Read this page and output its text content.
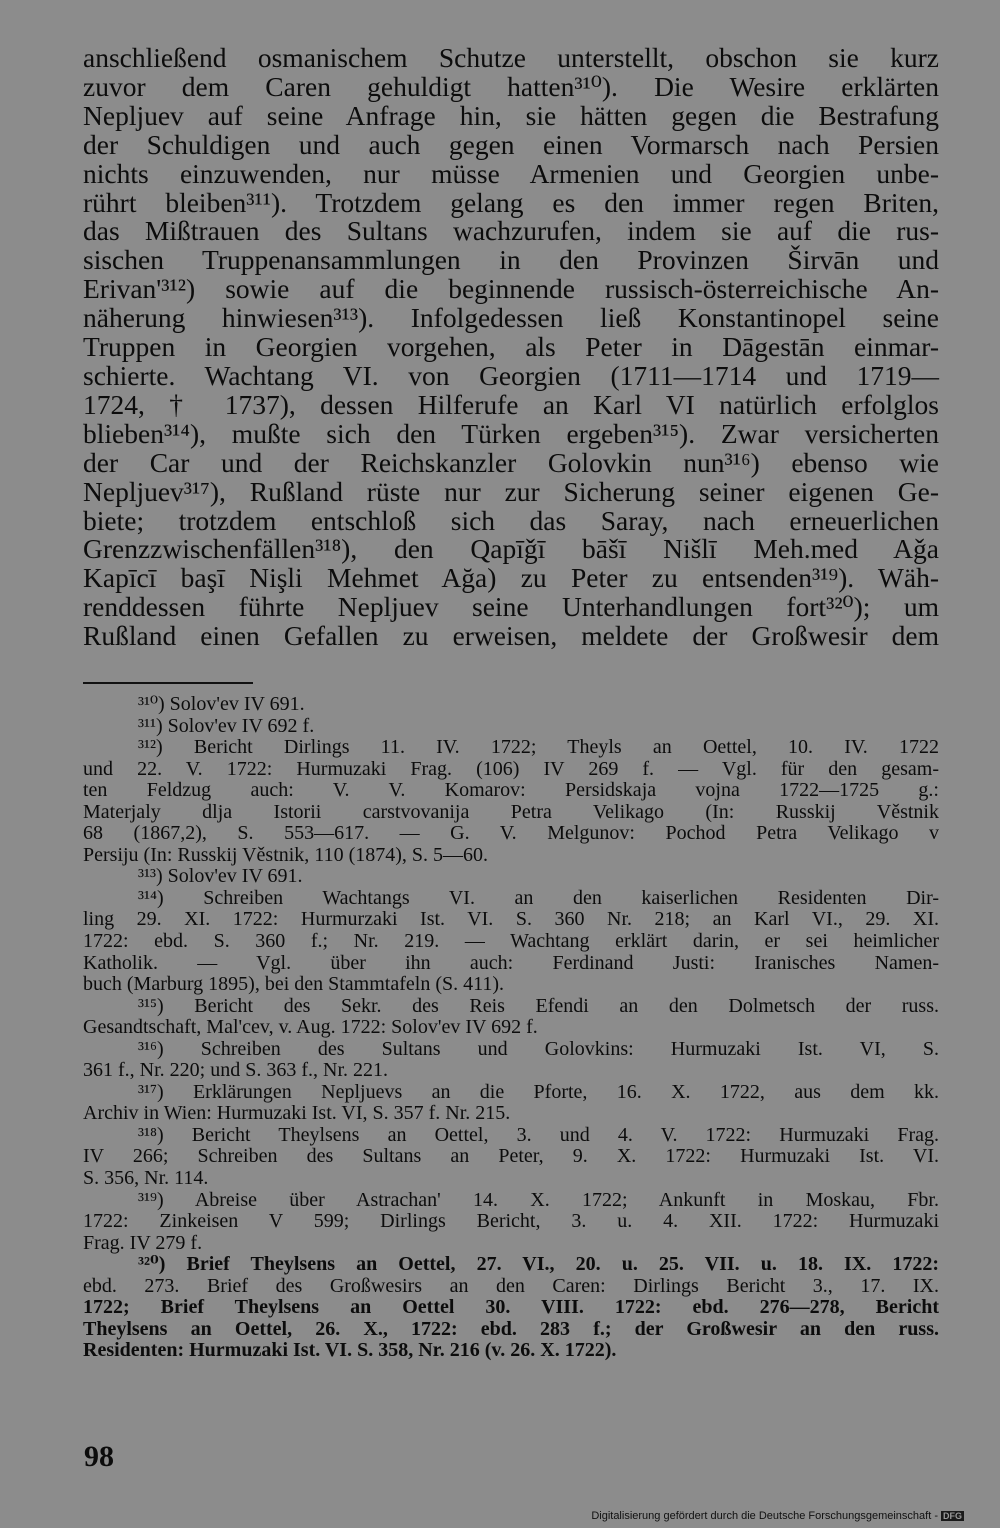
anschließend osmanischem Schutze unterstellt, obschon sie kurz
zuvor dem Caren gehuldigt hatten³¹⁰). Die Wesire erklärten
Nepljuev auf seine Anfrage hin, sie hätten gegen die Bestrafung
der Schuldigen und auch gegen einen Vormarsch nach Persien
nichts einzuwenden, nur müsse Armenien und Georgien unbe-
rührt bleiben³¹¹). Trotzdem gelang es den immer regen Briten,
das Mißtrauen des Sultans wachzurufen, indem sie auf die rus-
sischen Truppenansammlungen in den Provinzen Širvān und
Erivan'³¹²) sowie auf die beginnende russisch-österreichische An-
näherung hinwiesen³¹³). Infolgedessen ließ Konstantinopel seine
Truppen in Georgien vorgehen, als Peter in Dāgestān einmar-
schierte. Wachtang VI. von Georgien (1711—1714 und 1719—
1724, † 1737), dessen Hilferufe an Karl VI natürlich erfolglos
blieben³¹⁴), mußte sich den Türken ergeben³¹⁵). Zwar versicherten
der Car und der Reichskanzler Golovkin nun³¹⁶) ebenso wie
Nepljuev³¹⁷), Rußland rüste nur zur Sicherung seiner eigenen Ge-
biete; trotzdem entschloß sich das Saray, nach erneuerlichen
Grenzzwischenfällen³¹⁸), den Qapīǧī bāšī Nišlī Meh.med Aǧa
Kapīcī başī Nişli Mehmet Ağa) zu Peter zu entsenden³¹⁹). Wäh-
renddessen führte Nepljuev seine Unterhandlungen fort³²⁰); um
Rußland einen Gefallen zu erweisen, meldete der Großwesir dem
³¹⁰) Solov'ev IV 691.
³¹¹) Solov'ev IV 692 f.
³¹²) Bericht Dirlings 11. IV. 1722; Theyls an Oettel, 10. IV. 1722
und 22. V. 1722: Hurmuzaki Frag. (106) IV 269 f. — Vgl. für den gesam-
ten Feldzug auch: V. V. Komarov: Persidskaja vojna 1722—1725 g.:
Materjaly dlja Istorii carstvovanija Petra Velikago (In: Russkij Věstnik
68 (1867,2), S. 553—617. — G. V. Melgunov: Pochod Petra Velikago v
Persiju (In: Russkij Věstnik, 110 (1874), S. 5—60.
³¹³) Solov'ev IV 691.
³¹⁴) Schreiben Wachtangs VI. an den kaiserlichen Residenten Dir-
ling 29. XI. 1722: Hurmurzaki Ist. VI. S. 360 Nr. 218; an Karl VI., 29. XI.
1722: ebd. S. 360 f.; Nr. 219. — Wachtang erklärt darin, er sei heimlicher
Katholik. — Vgl. über ihn auch: Ferdinand Justi: Iranisches Namen-
buch (Marburg 1895), bei den Stammtafeln (S. 411).
³¹⁵) Bericht des Sekr. des Reis Efendi an den Dolmetsch der russ.
Gesandtschaft, Mal'cev, v. Aug. 1722: Solov'ev IV 692 f.
³¹⁶) Schreiben des Sultans und Golovkins: Hurmuzaki Ist. VI, S.
361 f., Nr. 220; und S. 363 f., Nr. 221.
³¹⁷) Erklärungen Nepljuevs an die Pforte, 16. X. 1722, aus dem kk.
Archiv in Wien: Hurmuzaki Ist. VI, S. 357 f. Nr. 215.
³¹⁸) Bericht Theylsens an Oettel, 3. und 4. V. 1722: Hurmuzaki Frag.
IV 266; Schreiben des Sultans an Peter, 9. X. 1722: Hurmuzaki Ist. VI.
S. 356, Nr. 114.
³¹⁹) Abreise über Astrachan' 14. X. 1722; Ankunft in Moskau, Fbr.
1722: Zinkeisen V 599; Dirlings Bericht, 3. u. 4. XII. 1722: Hurmuzaki
Frag. IV 279 f.
³²⁰) Brief Theylsens an Oettel, 27. VI., 20. u. 25. VII. u. 18. IX. 1722:
ebd. 273. Brief des Großwesirs an den Caren: Dirlings Bericht 3., 17. IX.
1722; Brief Theylsens an Oettel 30. VIII. 1722: ebd. 276—278, Bericht
Theylsens an Oettel, 26. X., 1722: ebd. 283 f.; der Großwesir an den russ.
Residenten: Hurmuzaki Ist. VI. S. 358, Nr. 216 (v. 26. X. 1722).
98
Digitalisierung gefördert durch die Deutsche Forschungsgemeinschaft - DFG
